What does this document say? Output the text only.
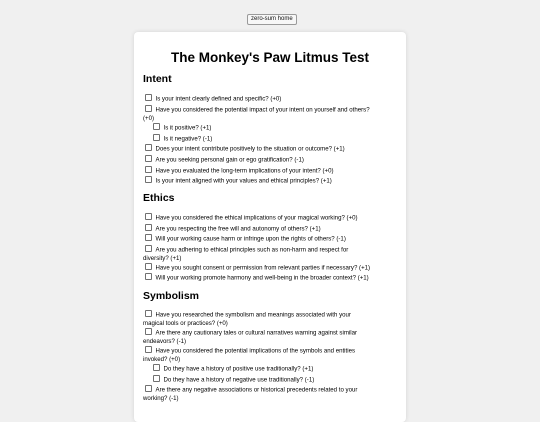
zero-sum home
The Monkey's Paw Litmus Test
Intent
Is your intent clearly defined and specific? (+0)
Have you considered the potential impact of your intent on yourself and others?
(+0)
Is it positive? (+1)
Is it negative? (-1)
Does your intent contribute positively to the situation or outcome? (+1)
Are you seeking personal gain or ego gratification? (-1)
Have you evaluated the long-term implications of your intent? (+0)
Is your intent aligned with your values and ethical principles? (+1)
Ethics
Have you considered the ethical implications of your magical working? (+0)
Are you respecting the free will and autonomy of others? (+1)
Will your working cause harm or infringe upon the rights of others? (-1)
Are you adhering to ethical principles such as non-harm and respect for
diversity? (+1)
Have you sought consent or permission from relevant parties if necessary? (+1)
Will your working promote harmony and well-being in the broader context? (+1)
Symbolism
Have you researched the symbolism and meanings associated with your
magical tools or practices? (+0)
Are there any cautionary tales or cultural narratives warning against similar
endeavors? (-1)
Have you considered the potential implications of the symbols and entities
invoked? (+0)
Do they have a history of positive use traditionally? (+1)
Do they have a history of negative use traditionally? (-1)
Are there any negative associations or historical precedents related to your
working? (-1)
